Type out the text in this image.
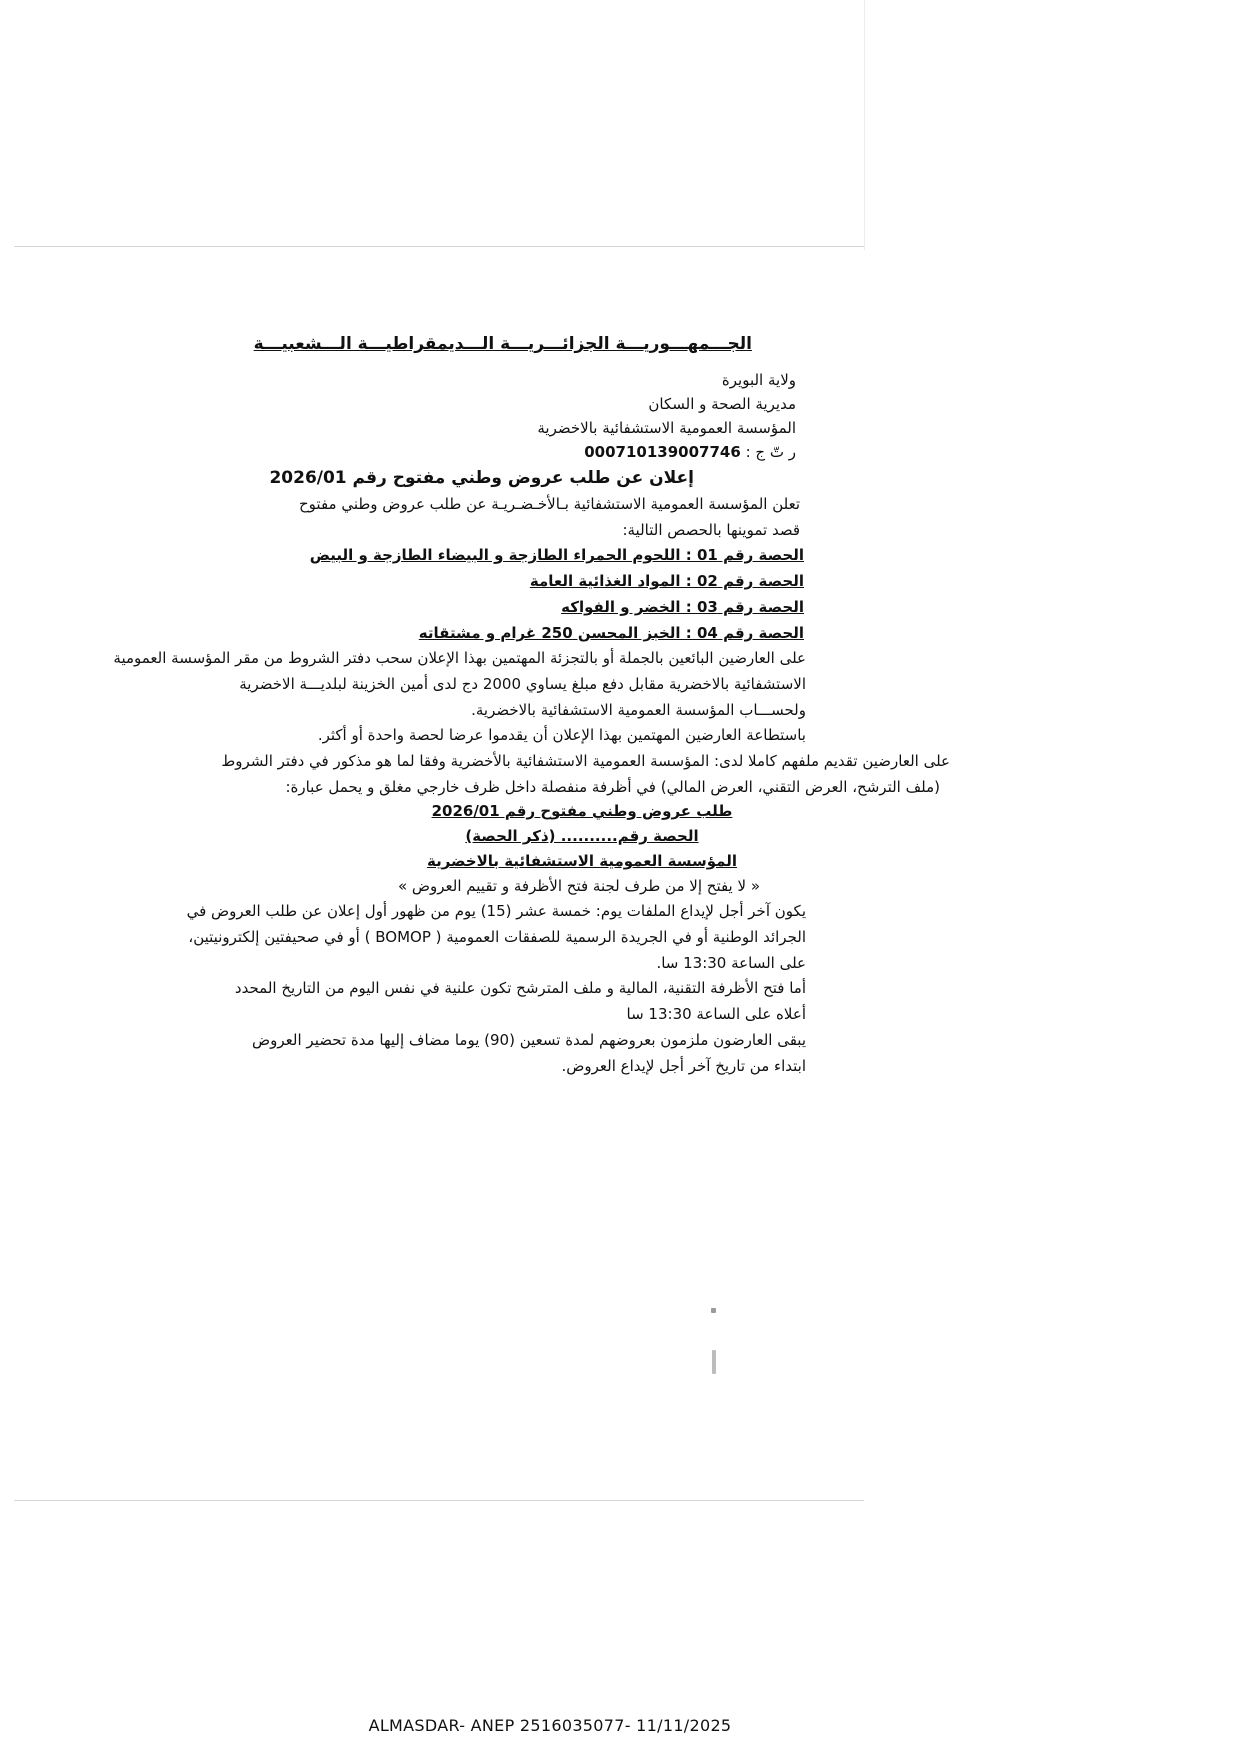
الجـــمهـــوريـــة الجزائـــريـــة الـــديمقراطيـــة الـــشعبيـــة
ولاية البويرة
مديرية الصحة و السكان
المؤسسة العمومية الاستشفائية بالاخضرية
ر تّ ج : 000710139007746
إعلان عن طلب عروض وطني مفتوح رقم 2026/01
تعلن المؤسسة العمومية الاستشفائية بـالأخـضـريـة عن طلب عروض وطني مفتوح
قصد تموينها بالحصص التالية:
الحصة رقم 01 : اللحوم الحمراء الطازجة و البيضاء الطازجة و البيض
الحصة رقم 02 : المواد الغذائية العامة
الحصة رقم 03 : الخضر و الفواكه
الحصة رقم 04 : الخبز المحسن 250 غرام و مشتقاته
على العارضين البائعين بالجملة أو بالتجزئة المهتمين بهذا الإعلان سحب دفتر الشروط من مقر المؤسسة العمومية
الاستشفائية بالاخضرية مقابل دفع مبلغ يساوي 2000 دج لدى أمين الخزينة لبلديـــة الاخضرية
ولحســـاب المؤسسة العمومية الاستشفائية بالاخضرية.
باستطاعة العارضين المهتمين بهذا الإعلان أن يقدموا عرضا لحصة واحدة أو أكثر.
على العارضين تقديم ملفهم كاملا لدى: المؤسسة العمومية الاستشفائية بالأخضرية وفقا لما هو مذكور في دفتر الشروط
(ملف الترشح، العرض التقني، العرض المالي) في أظرفة منفصلة داخل ظرف خارجي مغلق و يحمل عبارة:
طلب عروض وطني مفتوح رقم 2026/01
الحصة رقم.......... (ذكر الحصة)
المؤسسة العمومية الاستشفائية بالاخضرية
« لا يفتح إلا من طرف لجنة فتح الأظرفة و تقييم العروض »
يكون آخر أجل لإيداع الملفات يوم: خمسة عشر (15) يوم من ظهور أول إعلان عن طلب العروض في
الجرائد الوطنية أو في الجريدة الرسمية للصفقات العمومية ( BOMOP ) أو في صحيفتين إلكترونيتين،
على الساعة 13:30 سا.
أما فتح الأظرفة التقنية، المالية و ملف المترشح تكون علنية في نفس اليوم من التاريخ المحدد
أعلاه على الساعة 13:30 سا
يبقى العارضون ملزمون بعروضهم لمدة تسعين (90) يوما مضاف إليها مدة تحضير العروض
ابتداء من تاريخ آخر أجل لإيداع العروض.
ALMASDAR- ANEP 2516035077- 11/11/2025
